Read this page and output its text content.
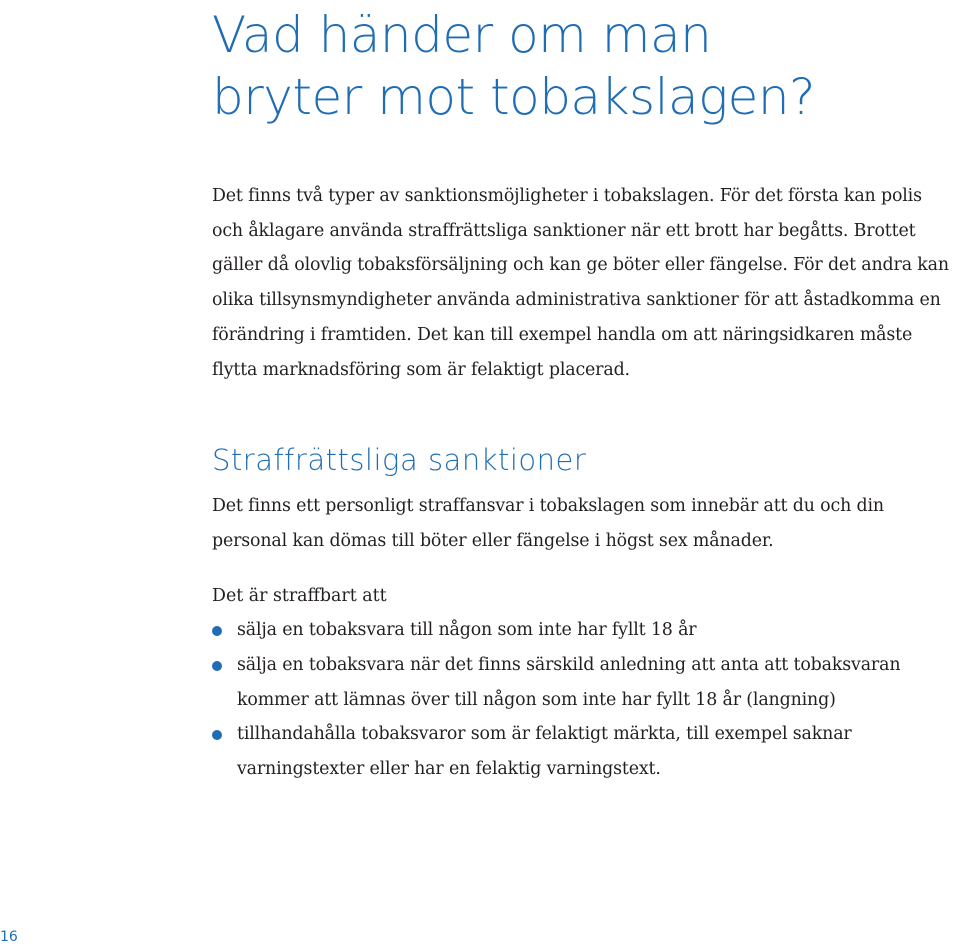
Vad händer om man
bryter mot tobakslagen?

Det finns två typer av sanktionsmöjligheter i tobakslagen. För det första kan polis och åklagare använda straffrättsliga sanktioner när ett brott har begåtts. Brottet gäller då olovlig tobaksförsäljning och kan ge böter eller fängelse. För det andra kan olika tillsynsmyndigheter använda administrativa sanktioner för att åstadkomma en förändring i framtiden. Det kan till exempel handla om att näringsidkaren måste flytta marknadsföring som är felaktigt placerad.

Straffrättsliga sanktioner

Det finns ett personligt straffansvar i tobakslagen som innebär att du och din personal kan dömas till böter eller fängelse i högst sex månader.

Det är straffbart att

sälja en tobaksvara till någon som inte har fyllt 18 år
sälja en tobaksvara när det finns särskild anledning att anta att tobaksvaran kommer att lämnas över till någon som inte har fyllt 18 år (langning)
tillhandahålla tobaksvaror som är felaktigt märkta, till exempel saknar varningstexter eller har en felaktig varningstext.
16
